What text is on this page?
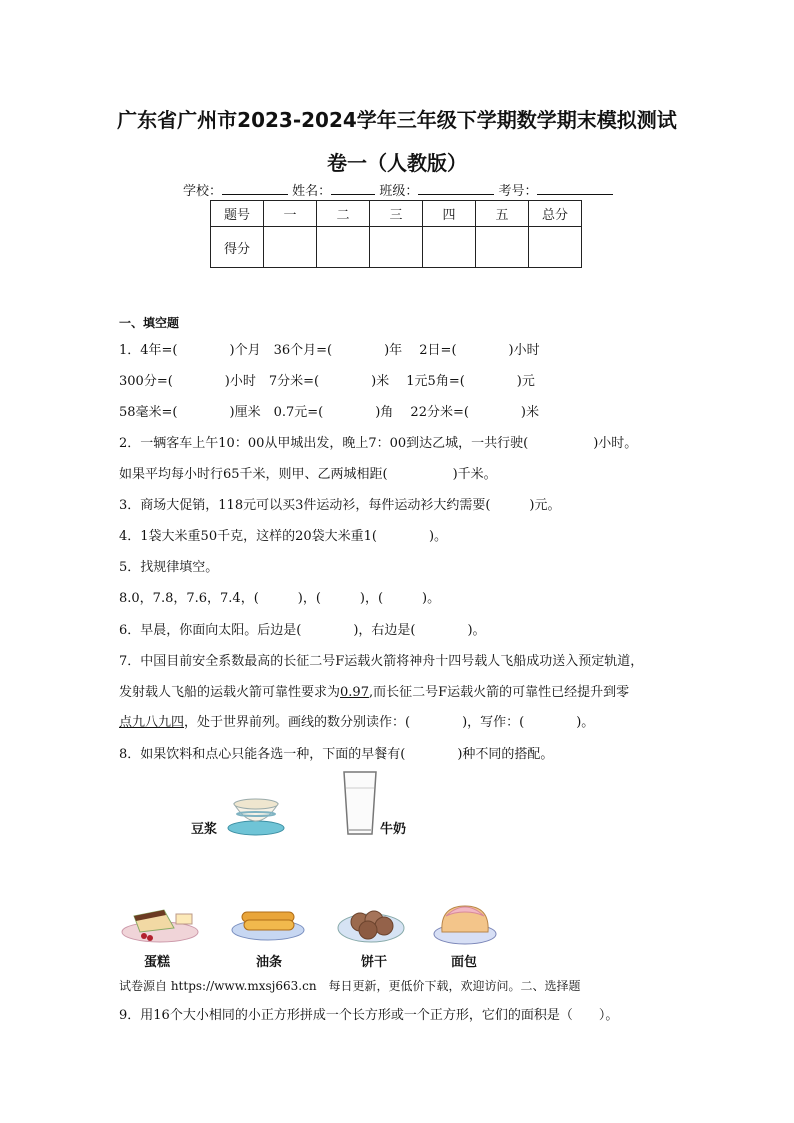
广东省广州市2023-2024学年三年级下学期数学期末模拟测试
卷一（人教版）
学校：	姓名：	班级：	考号：
题号	一	二	三	四	五	总分
得分						
一、填空题
1．4年=(　　　　)个月　36个月=(　　　　)年　 2日=(　　　　)小时
300分=(　　　　)小时　7分米=(　　　　)米　 1元5角=(　　　　)元
58毫米=(　　　　)厘米　0.7元=(　　　　)角　 22分米=(　　　　)米
2．一辆客车上午10：00从甲城出发，晚上7：00到达乙城，一共行驶(　　　　　)小时。
如果平均每小时行65千米，则甲、乙两城相距(　　　　　)千米。
3．商场大促销，118元可以买3件运动衫，每件运动衫大约需要(　　　)元。
4．1袋大米重50千克，这样的20袋大米重1(　　　　)。
5．找规律填空。
8.0，7.8，7.6，7.4，(　　　)，(　　　)，(　　　)。
6．早晨，你面向太阳。后边是(　　　　)，右边是(　　　　)。
7．中国目前安全系数最高的长征二号F运载火箭将神舟十四号载人飞船成功送入预定轨道，
发射载人飞船的运载火箭可靠性要求为0.97,而长征二号F运载火箭的可靠性已经提升到零
点九八九四，处于世界前列。画线的数分别读作：(　　　　)，写作：(　　　　)。
8．如果饮料和点心只能各选一种，下面的早餐有(　　　　)种不同的搭配。
豆浆	牛奶
蛋糕	油条	饼干	面包
试卷源自 https://www.mxsj663.cn　每日更新，更低价下载，欢迎访问。二、选择题
9．用16个大小相同的小正方形拼成一个长方形或一个正方形，它们的面积是（　　）。
